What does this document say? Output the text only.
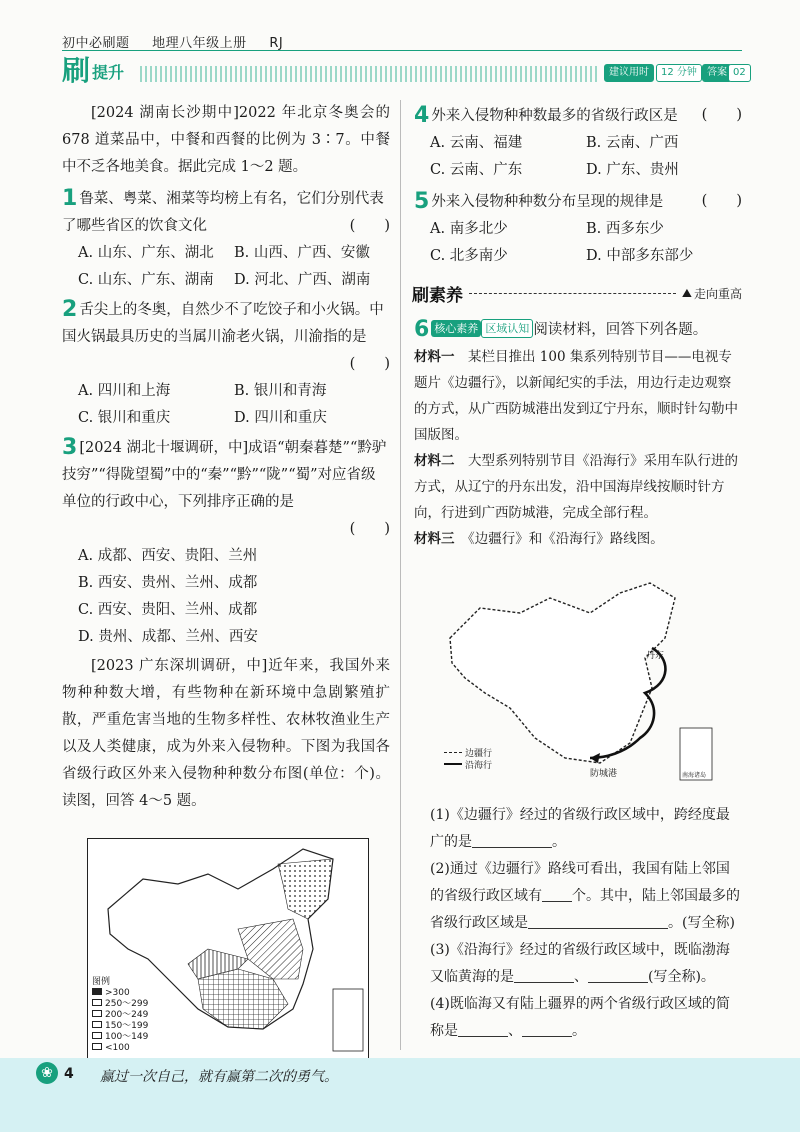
初中必刷题 地理八年级上册 RJ
刷 提升	建议用时	12 分钟	答案 02
[2024 湖南长沙期中]2022 年北京冬奥会的 678 道菜品中，中餐和西餐的比例为 3∶7。中餐中不乏各地美食。据此完成 1～2 题。
1 鲁菜、粤菜、湘菜等均榜上有名，它们分别代表了哪些省区的饮食文化	(　　)
A. 山东、广东、湖北	B. 山西、广西、安徽
C. 山东、广东、湖南	D. 河北、广西、湖南
2 舌尖上的冬奥，自然少不了吃饺子和小火锅。中国火锅最具历史的当属川渝老火锅，川渝指的是
(　　)
A. 四川和上海	B. 银川和青海
C. 银川和重庆	D. 四川和重庆
3 [2024 湖北十堰调研，中]成语“朝秦暮楚”“黔驴技穷”“得陇望蜀”中的“秦”“黔”“陇”“蜀”对应省级单位的行政中心，下列排序正确的是
(　　)
A. 成都、西安、贵阳、兰州
B. 西安、贵州、兰州、成都
C. 西安、贵阳、兰州、成都
D. 贵州、成都、兰州、西安
[2023 广东深圳调研，中]近年来，我国外来物种种数大增，有些物种在新环境中急剧繁殖扩散，严重危害当地的生物多样性、农林牧渔业生产以及人类健康，成为外来入侵物种。下图为我国各省级行政区外来入侵物种种数分布图(单位：个)。读图，回答 4～5 题。
图例
>300
250～299
200～249
150～199
100～149
<100
4 外来入侵物种种数最多的省级行政区是 (　　)
A. 云南、福建	B. 云南、广西
C. 云南、广东	D. 广东、贵州
5 外来入侵物种种数分布呈现的规律是	(　　)
A. 南多北少	B. 西多东少
C. 北多南少	D. 中部多东部少
刷素养	⛰ 走向重高
6 核心素养 区域认知 阅读材料，回答下列各题。
材料一　 某栏目推出 100 集系列特别节目——电视专题片《边疆行》，以新闻纪实的手法，用边行走边观察的方式，从广西防城港出发到辽宁丹东，顺时针勾勒中国版图。
材料二　 大型系列特别节目《沿海行》采用车队行进的方式，从辽宁的丹东出发，沿中国海岸线按顺时针方向，行进到广西防城港，完成全部行程。
材料三　 《边疆行》和《沿海行》路线图。
丹东
防城港	南海诸岛
边疆行
沿海行
(1)《边疆行》经过的省级行政区域中，跨经度最广的是	。
(2)通过《边疆行》路线可看出，我国有陆上邻国的省级行政区域有 个。其中，陆上邻国最多的省级行政区域是	。(写全称)
(3)《沿海行》经过的省级行政区域中，既临渤海又临黄海的是	、	(写全称)。
(4)既临海又有陆上疆界的两个省级行政区域的简称是	、	。
❀ 4 赢过一次自己，就有赢第二次的勇气。
